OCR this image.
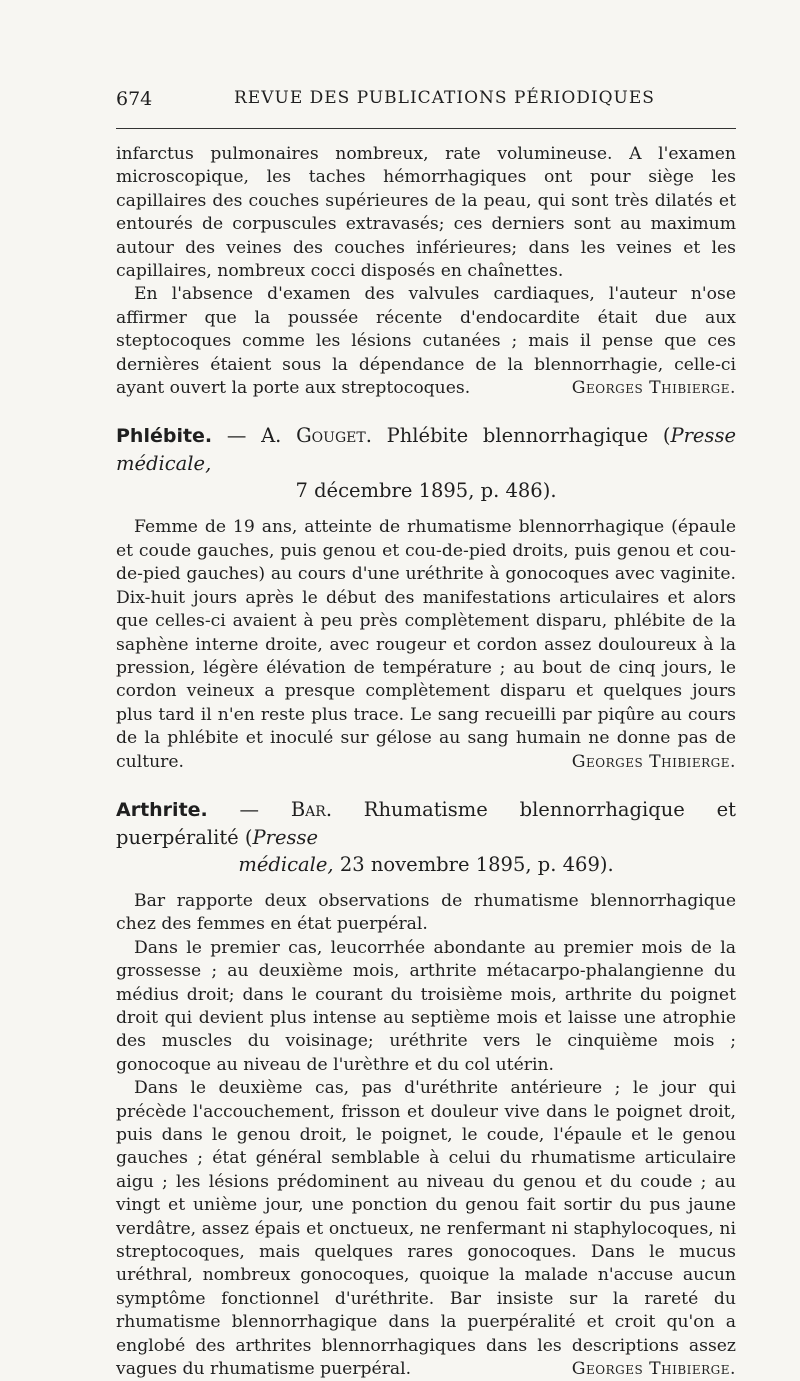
674	REVUE DES PUBLICATIONS PÉRIODIQUES

infarctus pulmonaires nombreux, rate volumineuse. A l'examen microscopique, les taches hémorrhagiques ont pour siège les capillaires des couches supérieures de la peau, qui sont très dilatés et entourés de corpuscules extravasés; ces derniers sont au maximum autour des veines des couches inférieures; dans les veines et les capillaires, nombreux cocci disposés en chaînettes.

En l'absence d'examen des valvules cardiaques, l'auteur n'ose affirmer que la poussée récente d'endocardite était due aux steptocoques comme les lésions cutanées ; mais il pense que ces dernières étaient sous la dépendance de la blennorrhagie, celle-ci ayant ouvert la porte aux streptocoques.	Georges Thibierge.

Phlébite. — A. Gouget. Phlébite blennorrhagique (Presse médicale,
7 décembre 1895, p. 486).

Femme de 19 ans, atteinte de rhumatisme blennorrhagique (épaule et coude gauches, puis genou et cou-de-pied droits, puis genou et cou-de-pied gauches) au cours d'une uréthrite à gonocoques avec vaginite. Dix-huit jours après le début des manifestations articulaires et alors que celles-ci avaient à peu près complètement disparu, phlébite de la saphène interne droite, avec rougeur et cordon assez douloureux à la pression, légère élévation de température ; au bout de cinq jours, le cordon veineux a presque complètement disparu et quelques jours plus tard il n'en reste plus trace. Le sang recueilli par piqûre au cours de la phlébite et inoculé sur gélose au sang humain ne donne pas de culture.	Georges Thibierge.

Arthrite. — Bar. Rhumatisme blennorrhagique et puerpéralité (Presse
médicale, 23 novembre 1895, p. 469).

Bar rapporte deux observations de rhumatisme blennorrhagique chez des femmes en état puerpéral.

Dans le premier cas, leucorrhée abondante au premier mois de la grossesse ; au deuxième mois, arthrite métacarpo-phalangienne du médius droit; dans le courant du troisième mois, arthrite du poignet droit qui devient plus intense au septième mois et laisse une atrophie des muscles du voisinage; uréthrite vers le cinquième mois ; gonocoque au niveau de l'urèthre et du col utérin.

Dans le deuxième cas, pas d'uréthrite antérieure ; le jour qui précède l'accouchement, frisson et douleur vive dans le poignet droit, puis dans le genou droit, le poignet, le coude, l'épaule et le genou gauches ; état général semblable à celui du rhumatisme articulaire aigu ; les lésions prédominent au niveau du genou et du coude ; au vingt et unième jour, une ponction du genou fait sortir du pus jaune verdâtre, assez épais et onctueux, ne renfermant ni staphylocoques, ni streptocoques, mais quelques rares gonocoques. Dans le mucus uréthral, nombreux gonocoques, quoique la malade n'accuse aucun symptôme fonctionnel d'uréthrite. Bar insiste sur la rareté du rhumatisme blennorrhagique dans la puerpéralité et croit qu'on a englobé des arthrites blennorrhagiques dans les descriptions assez vagues du rhumatisme puerpéral.	Georges Thibierge.
